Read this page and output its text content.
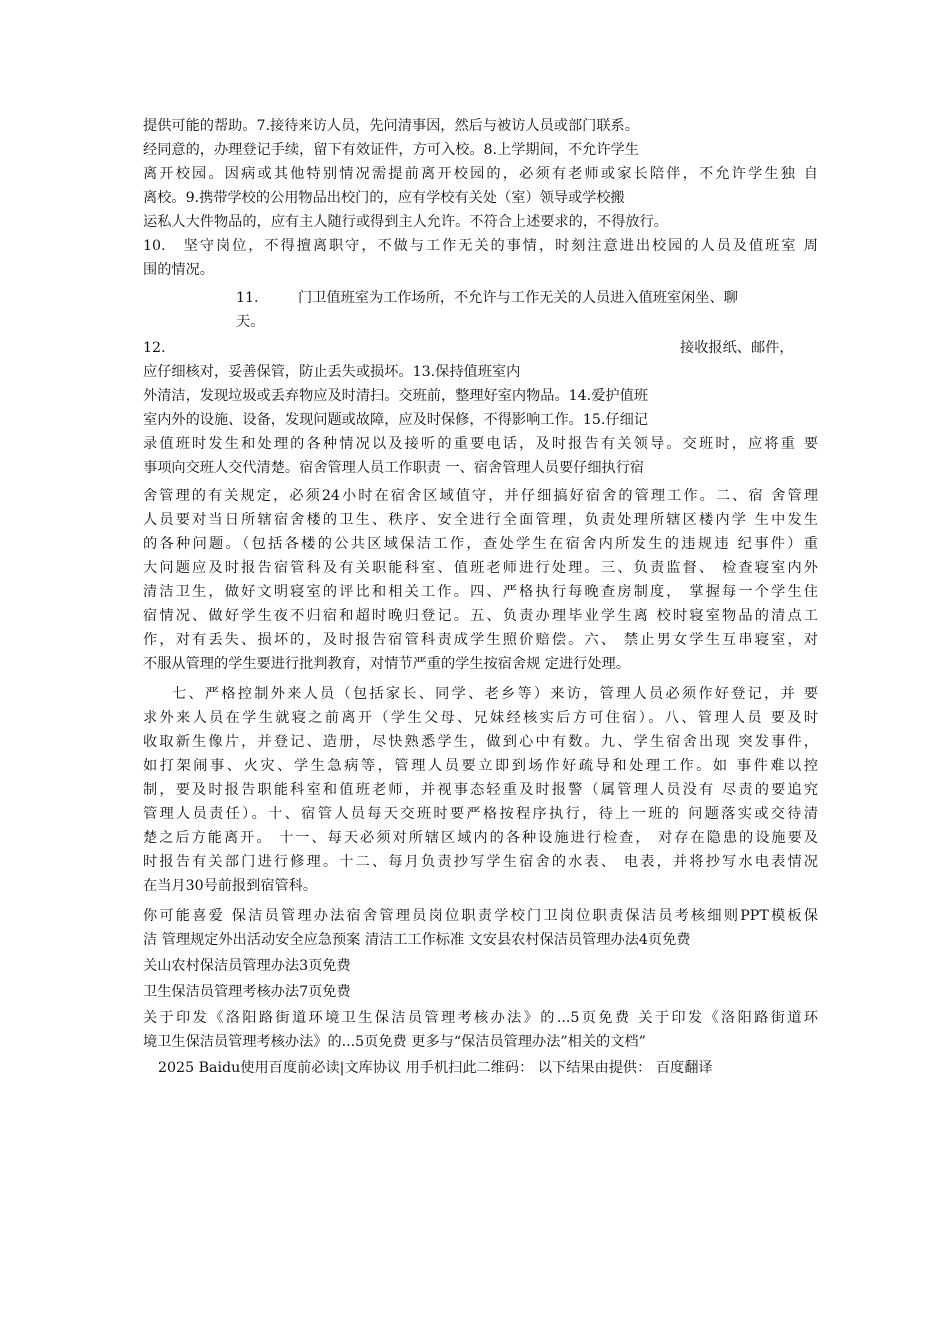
提供可能的帮助。7.接待来访人员，先问清事因，然后与被访人员或部门联系。
经同意的，办理登记手续，留下有效证件，方可入校。8.上学期间，不允许学生
离开校园。因病或其他特别情况需提前离开校园的，必须有老师或家长陪伴，不允许学生独 自
离校。9.携带学校的公用物品出校门的，应有学校有关处（室）领导或学校搬
运私人大件物品的，应有主人随行或得到主人允许。不符合上述要求的，不得放行。
10.　坚守岗位，不得擅离职守，不做与工作无关的事情，时刻注意进出校园的人员及值班室 周
围的情况。
11.	门卫值班室为工作场所，不允许与工作无关的人员进入值班室闲坐、聊
天。
12.	接收报纸、邮件，
应仔细核对，妥善保管，防止丢失或损坏。13.保持值班室内
外清洁，发现垃圾或丢弃物应及时清扫。交班前，整理好室内物品。14.爱护值班
室内外的设施、设备，发现问题或故障，应及时保修，不得影响工作。15.仔细记
录值班时发生和处理的各种情况以及接听的重要电话，及时报告有关领导。交班时，应将重 要
事项向交班人交代清楚。宿舍管理人员工作职责 一、宿舍管理人员要仔细执行宿
舍管理的有关规定，必须24小时在宿舍区域值守，并仔细搞好宿舍的管理工作。二、宿 舍管理
人员要对当日所辖宿舍楼的卫生、秩序、安全进行全面管理，负责处理所辖区楼内学 生中发生
的各种问题。（包括各楼的公共区域保洁工作，查处学生在宿舍内所发生的违规违 纪事件）重
大问题应及时报告宿管科及有关职能科室、值班老师进行处理。三、负责监督、 检查寝室内外
清洁卫生，做好文明寝室的评比和相关工作。四、严格执行每晚查房制度， 掌握每一个学生住
宿情况、做好学生夜不归宿和超时晚归登记。五、负责办理毕业学生离 校时寝室物品的清点工
作，对有丢失、损坏的，及时报告宿管科责成学生照价赔偿。六、 禁止男女学生互串寝室，对
不服从管理的学生要进行批判教育，对情节严重的学生按宿舍规 定进行处理。
七、严格控制外来人员（包括家长、同学、老乡等）来访，管理人员必须作好登记，并 要
求外来人员在学生就寝之前离开（学生父母、兄妹经核实后方可住宿）。八、管理人员 要及时
收取新生像片，并登记、造册，尽快熟悉学生，做到心中有数。九、学生宿舍出现 突发事件，
如打架闹事、火灾、学生急病等，管理人员要立即到场作好疏导和处理工作。如 事件难以控
制，要及时报告职能科室和值班老师，并视事态轻重及时报警（属管理人员没有 尽责的要追究
管理人员责任）。十、宿管人员每天交班时要严格按程序执行，待上一班的 问题落实或交待清
楚之后方能离开。 十一、每天必须对所辖区域内的各种设施进行检查， 对存在隐患的设施要及
时报告有关部门进行修理。十二、每月负责抄写学生宿舍的水表、 电表，并将抄写水电表情况
在当月30号前报到宿管科。
你可能喜爱 保洁员管理办法宿舍管理员岗位职责学校门卫岗位职责保洁员考核细则PPT模板保
洁 管理规定外出活动安全应急预案 清洁工工作标准 文安县农村保洁员管理办法4页免费
关山农村保洁员管理办法3页免费
卫生保洁员管理考核办法7页免费
关于印发《洛阳路街道环境卫生保洁员管理考核办法》的...5页免费 关于印发《洛阳路街道环
境卫生保洁员管理考核办法》的...5页免费 更多与“保洁员管理办法”相关的文档”
2025 Baidu使用百度前必读|文库协议 用手机扫此二维码： 以下结果由提供： 百度翻译
